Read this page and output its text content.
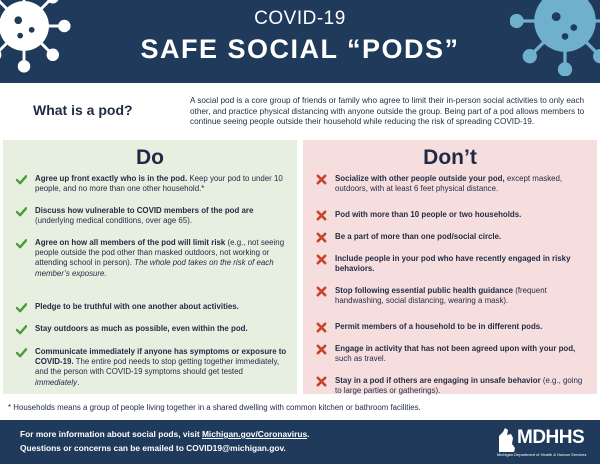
COVID-19
SAFE SOCIAL “PODS”
What is a pod?
A social pod is a core group of friends or family who agree to limit their in-person social activities to only each other, and practice physical distancing with anyone outside the group. Being part of a pod allows members to continue seeing people outside their household while reducing the risk of spreading COVID-19.
Do
Agree up front exactly who is in the pod. Keep your pod to under 10 people, and no more than one other household.*
Discuss how vulnerable to COVID members of the pod are (underlying medical conditions, over age 65).
Agree on how all members of the pod will limit risk (e.g., not seeing people outside the pod other than masked outdoors, not working or attending school in person). The whole pod takes on the risk of each member’s exposure.
Pledge to be truthful with one another about activities.
Stay outdoors as much as possible, even within the pod.
Communicate immediately if anyone has symptoms or exposure to COVID-19. The entire pod needs to stop getting together immediately, and the person with COVID-19 symptoms should get tested immediately.
Don’t
Socialize with other people outside your pod, except masked, outdoors, with at least 6 feet physical distance.
Pod with more than 10 people or two households.
Be a part of more than one pod/social circle.
Include people in your pod who have recently engaged in risky behaviors.
Stop following essential public health guidance (frequent handwashing, social distancing, wearing a mask).
Permit members of a household to be in different pods.
Engage in activity that has not been agreed upon with your pod, such as travel.
Stay in a pod if others are engaging in unsafe behavior (e.g., going to large parties or gatherings).
* Households means a group of people living together in a shared dwelling with common kitchen or bathroom facilities.
For more information about social pods, visit Michigan.gov/Coronavirus.
Questions or concerns can be emailed to COVID19@michigan.gov.	MDHHS
Michigan Department of Health & Human Services
